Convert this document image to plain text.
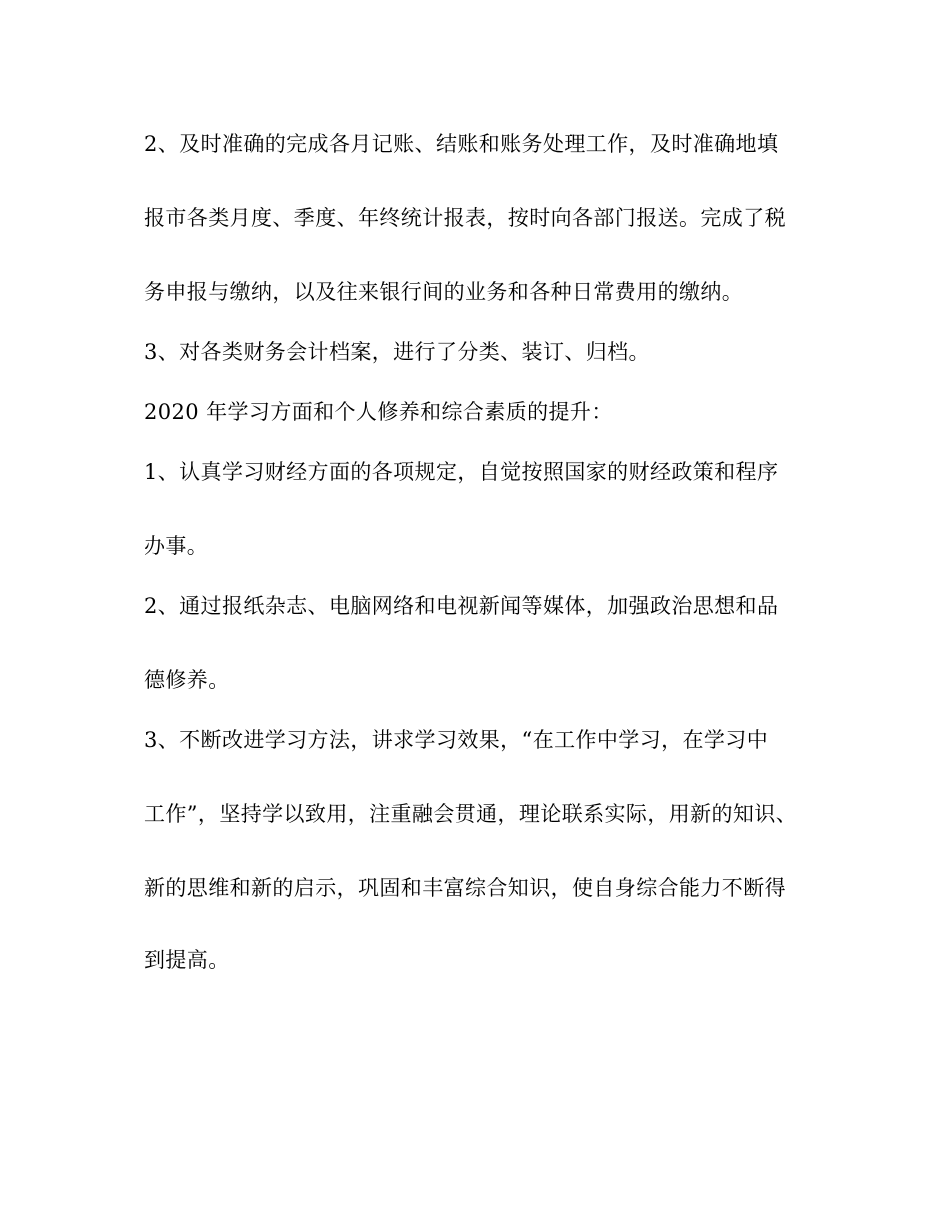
2、及时准确的完成各月记账、结账和账务处理工作，及时准确地填
报市各类月度、季度、年终统计报表，按时向各部门报送。完成了税
务申报与缴纳，以及往来银行间的业务和各种日常费用的缴纳。
3、对各类财务会计档案，进行了分类、装订、归档。
2020 年学习方面和个人修养和综合素质的提升：
1、认真学习财经方面的各项规定，自觉按照国家的财经政策和程序
办事。
2、通过报纸杂志、电脑网络和电视新闻等媒体，加强政治思想和品
德修养。
3、不断改进学习方法，讲求学习效果，“在工作中学习，在学习中
工作”，坚持学以致用，注重融会贯通，理论联系实际，用新的知识、
新的思维和新的启示，巩固和丰富综合知识，使自身综合能力不断得
到提高。
